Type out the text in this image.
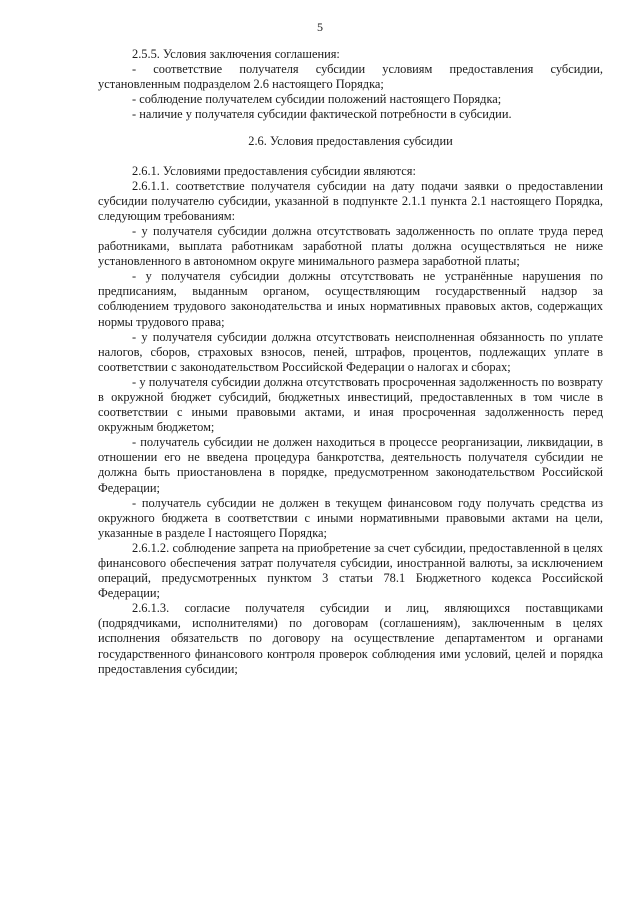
5

2.5.5. Условия заключения соглашения:

- соответствие получателя субсидии условиям предоставления субсидии, установленным подразделом 2.6 настоящего Порядка;

- соблюдение получателем субсидии положений настоящего Порядка;

- наличие у получателя субсидии фактической потребности в субсидии.

2.6. Условия предоставления субсидии

2.6.1. Условиями предоставления субсидии являются:

2.6.1.1. соответствие получателя субсидии на дату подачи заявки о предоставлении субсидии получателю субсидии, указанной в подпункте 2.1.1 пункта 2.1 настоящего Порядка, следующим требованиям:

- у получателя субсидии должна отсутствовать задолженность по оплате труда перед работниками, выплата работникам заработной платы должна осуществляться не ниже установленного в автономном округе минимального размера заработной платы;

- у получателя субсидии должны отсутствовать не устранённые нарушения по предписаниям, выданным органом, осуществляющим государственный надзор за соблюдением трудового законодательства и иных нормативных правовых актов, содержащих нормы трудового права;

- у получателя субсидии должна отсутствовать неисполненная обязанность по уплате налогов, сборов, страховых взносов, пеней, штрафов, процентов, подлежащих уплате в соответствии с законодательством Российской Федерации о налогах и сборах;

- у получателя субсидии должна отсутствовать просроченная задолженность по возврату в окружной бюджет субсидий, бюджетных инвестиций, предоставленных в том числе в соответствии с иными правовыми актами, и иная просроченная задолженность перед окружным бюджетом;

- получатель субсидии не должен находиться в процессе реорганизации, ликвидации, в отношении его не введена процедура банкротства, деятельность получателя субсидии не должна быть приостановлена в порядке, предусмотренном законодательством Российской Федерации;

- получатель субсидии не должен в текущем финансовом году получать средства из окружного бюджета в соответствии с иными нормативными правовыми актами на цели, указанные в разделе I настоящего Порядка;

2.6.1.2. соблюдение запрета на приобретение за счет субсидии, предоставленной в целях финансового обеспечения затрат получателя субсидии, иностранной валюты, за исключением операций, предусмотренных пунктом 3 статьи 78.1 Бюджетного кодекса Российской Федерации;

2.6.1.3. согласие получателя субсидии и лиц, являющихся поставщиками (подрядчиками, исполнителями) по договорам (соглашениям), заключенным в целях исполнения обязательств по договору на осуществление департаментом и органами государственного финансового контроля проверок соблюдения ими условий, целей и порядка предоставления субсидии;
